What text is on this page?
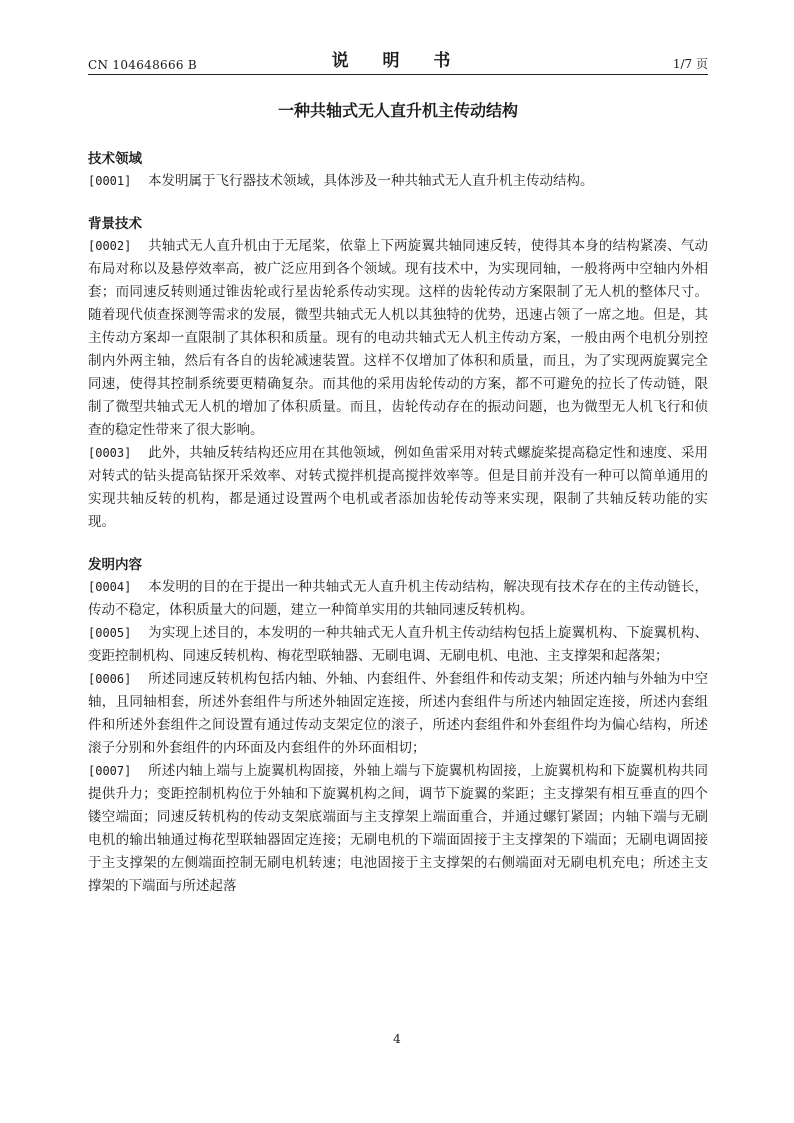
CN 104648666 B	说 明 书	1/7 页
一种共轴式无人直升机主传动结构
技术领域

[0001] 本发明属于飞行器技术领域，具体涉及一种共轴式无人直升机主传动结构。

背景技术

[0002] 共轴式无人直升机由于无尾桨，依靠上下两旋翼共轴同速反转，使得其本身的结构紧凑、气动布局对称以及悬停效率高，被广泛应用到各个领域。现有技术中，为实现同轴，一般将两中空轴内外相套；而同速反转则通过锥齿轮或行星齿轮系传动实现。这样的齿轮传动方案限制了无人机的整体尺寸。随着现代侦查探测等需求的发展，微型共轴式无人机以其独特的优势，迅速占领了一席之地。但是，其主传动方案却一直限制了其体积和质量。现有的电动共轴式无人机主传动方案，一般由两个电机分别控制内外两主轴，然后有各自的齿轮减速装置。这样不仅增加了体积和质量，而且，为了实现两旋翼完全同速，使得其控制系统要更精确复杂。而其他的采用齿轮传动的方案，都不可避免的拉长了传动链，限制了微型共轴式无人机的增加了体积质量。而且，齿轮传动存在的振动问题，也为微型无人机飞行和侦查的稳定性带来了很大影响。

[0003] 此外，共轴反转结构还应用在其他领域，例如鱼雷采用对转式螺旋桨提高稳定性和速度、采用对转式的钻头提高钻探开采效率、对转式搅拌机提高搅拌效率等。但是目前并没有一种可以简单通用的实现共轴反转的机构，都是通过设置两个电机或者添加齿轮传动等来实现，限制了共轴反转功能的实现。

发明内容

[0004] 本发明的目的在于提出一种共轴式无人直升机主传动结构，解决现有技术存在的主传动链长，传动不稳定，体积质量大的问题，建立一种简单实用的共轴同速反转机构。

[0005] 为实现上述目的，本发明的一种共轴式无人直升机主传动结构包括上旋翼机构、下旋翼机构、变距控制机构、同速反转机构、梅花型联轴器、无刷电调、无刷电机、电池、主支撑架和起落架；

[0006] 所述同速反转机构包括内轴、外轴、内套组件、外套组件和传动支架；所述内轴与外轴为中空轴，且同轴相套，所述外套组件与所述外轴固定连接，所述内套组件与所述内轴固定连接，所述内套组件和所述外套组件之间设置有通过传动支架定位的滚子，所述内套组件和外套组件均为偏心结构，所述滚子分别和外套组件的内环面及内套组件的外环面相切；

[0007] 所述内轴上端与上旋翼机构固接，外轴上端与下旋翼机构固接，上旋翼机构和下旋翼机构共同提供升力；变距控制机构位于外轴和下旋翼机构之间，调节下旋翼的桨距；主支撑架有相互垂直的四个镂空端面；同速反转机构的传动支架底端面与主支撑架上端面重合，并通过螺钉紧固；内轴下端与无刷电机的输出轴通过梅花型联轴器固定连接；无刷电机的下端面固接于主支撑架的下端面；无刷电调固接于主支撑架的左侧端面控制无刷电机转速；电池固接于主支撑架的右侧端面对无刷电机充电；所述主支撑架的下端面与所述起落

4
